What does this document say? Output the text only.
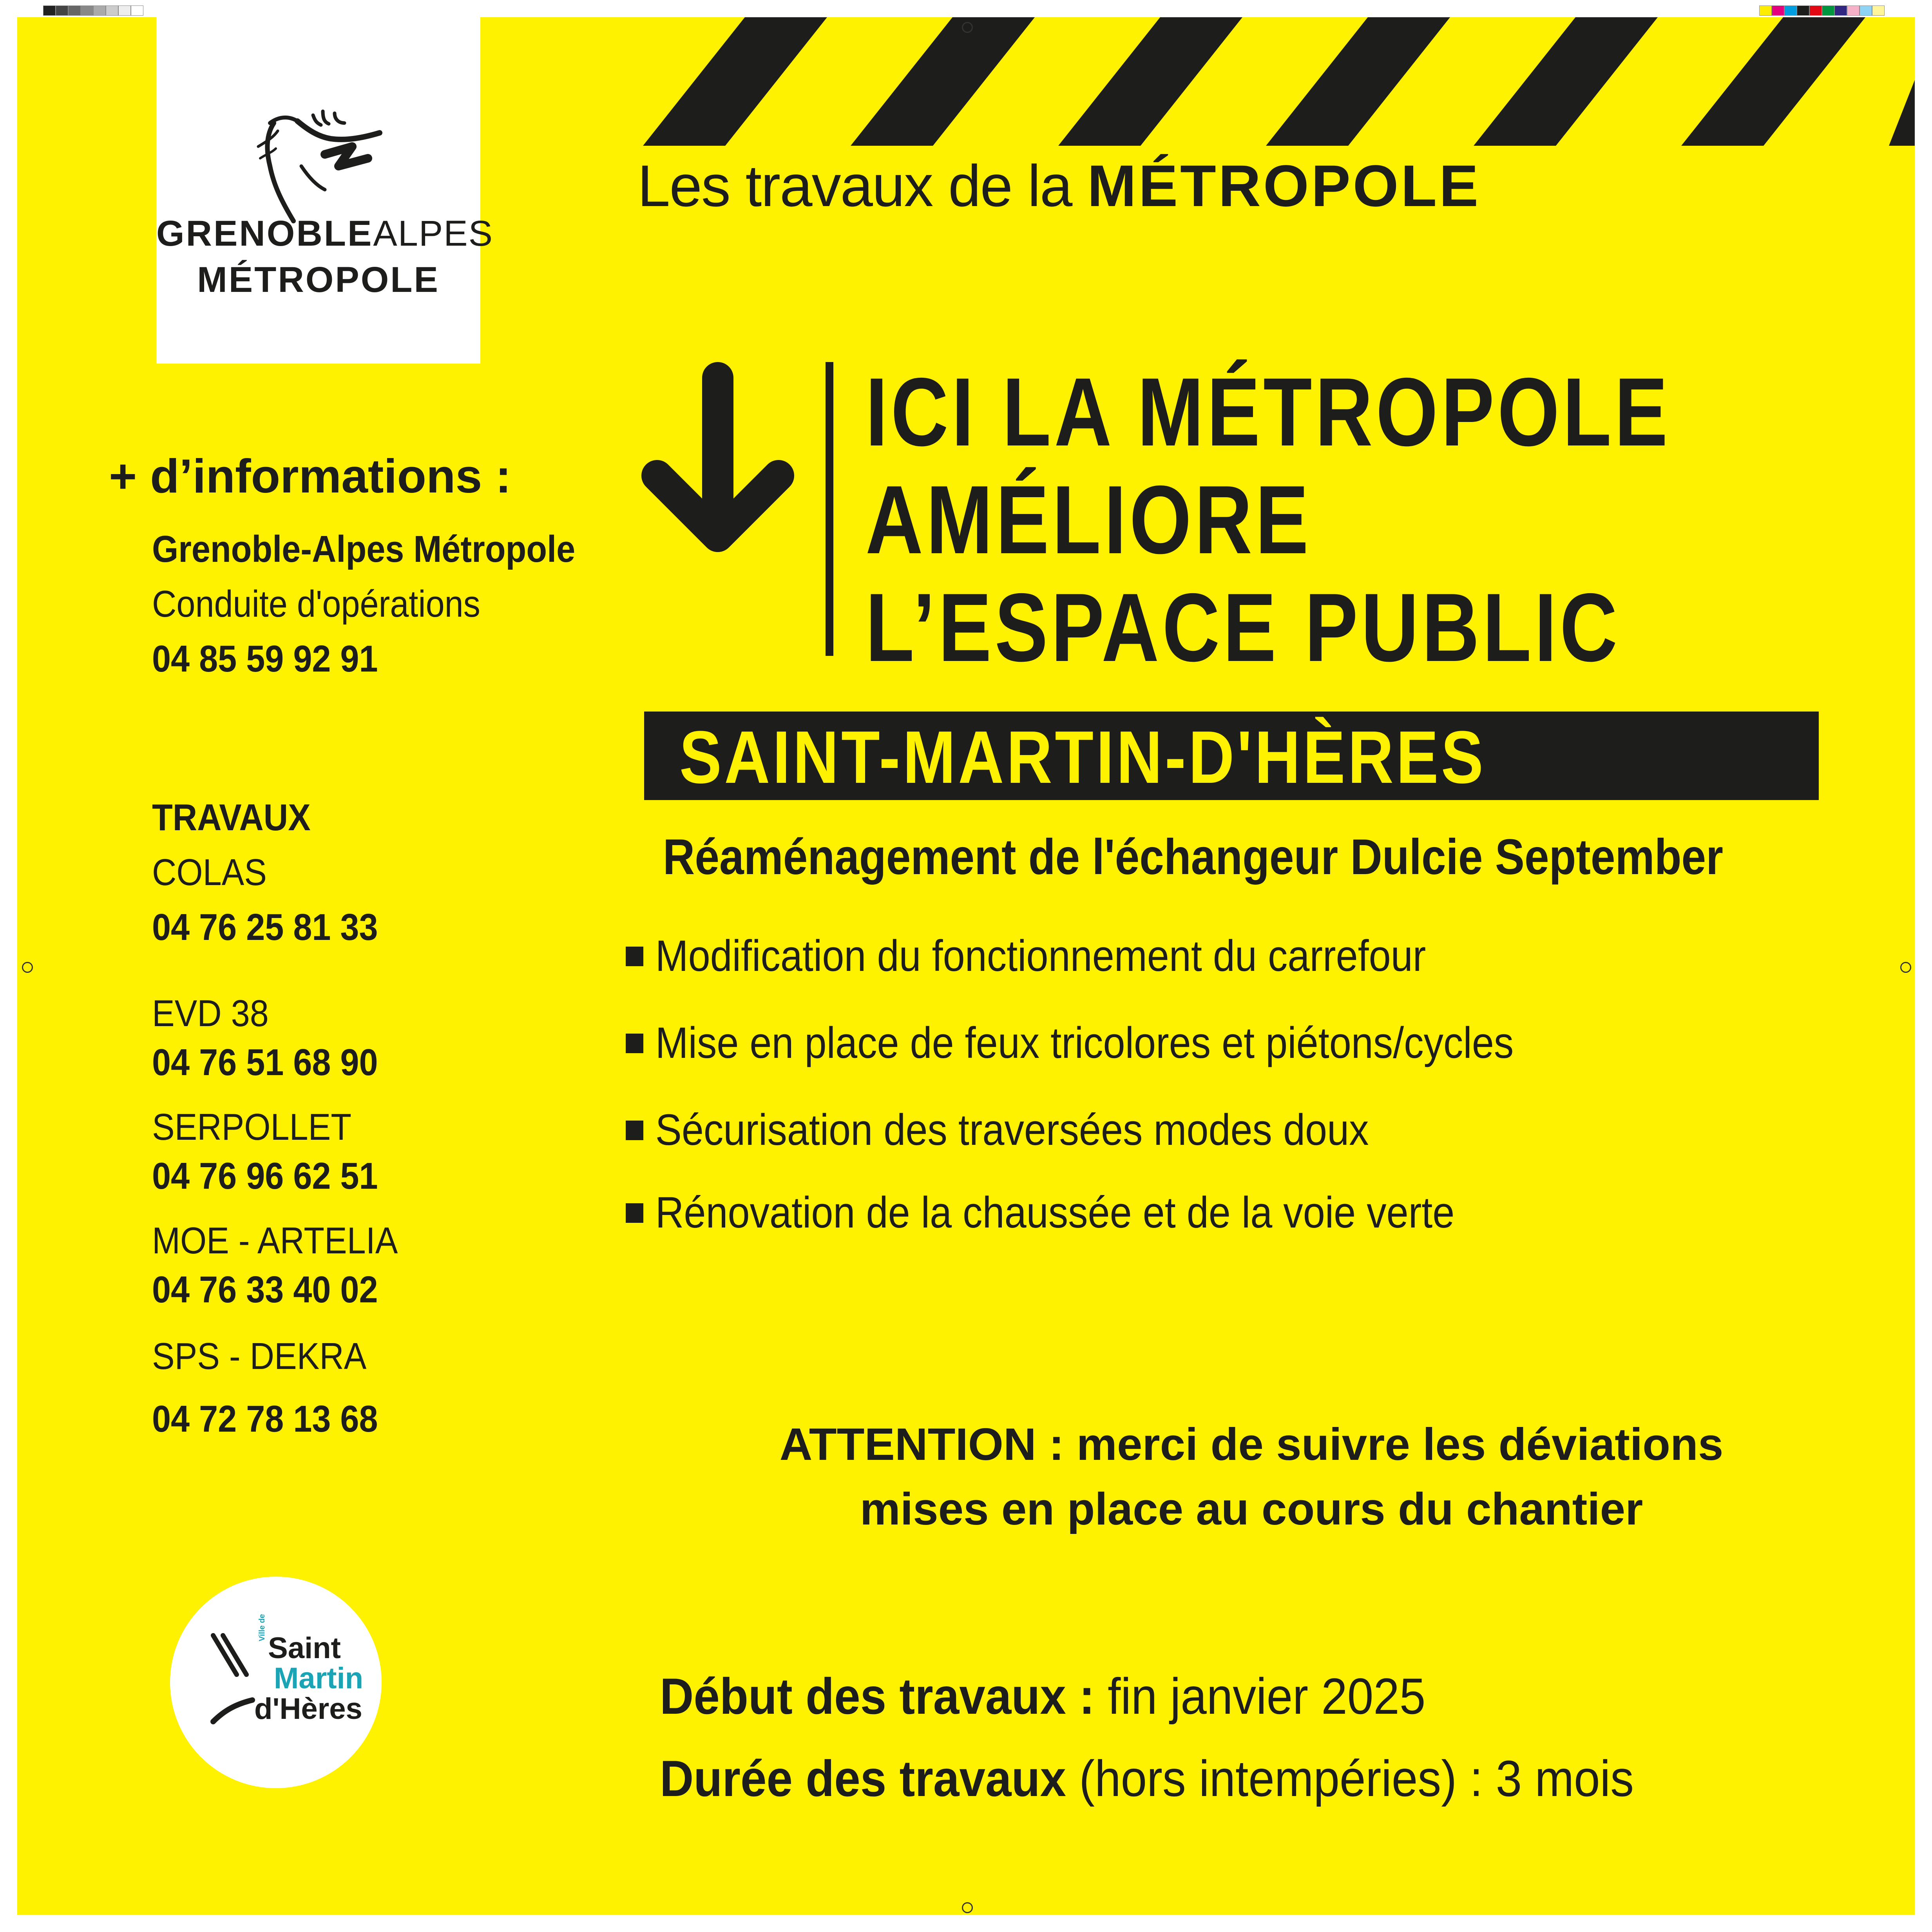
GRENOBLEALPES
MÉTROPOLE
Les travaux de la MÉTROPOLE
ICI LA MÉTROPOLE
AMÉLIORE
L’ESPACE PUBLIC
SAINT-MARTIN-D'HÈRES
Réaménagement de l'échangeur Dulcie September
Modification du fonctionnement du carrefour
Mise en place de feux tricolores et piétons/cycles
Sécurisation des traversées modes doux
Rénovation de la chaussée et de la voie verte
+ d’informations :
Grenoble-Alpes Métropole
Conduite d'opérations
04 85 59 92 91
TRAVAUX
COLAS
04 76 25 81 33
EVD 38
04 76 51 68 90
SERPOLLET
04 76 96 62 51
MOE - ARTELIA
04 76 33 40 02
SPS - DEKRA
04 72 78 13 68	ATTENTION : merci de suivre les déviations
mises en place au cours du chantier
Début des travaux : fin janvier 2025
Durée des travaux (hors intempéries) : 3 mois
Ville de
Saint
Martin
d'Hères
